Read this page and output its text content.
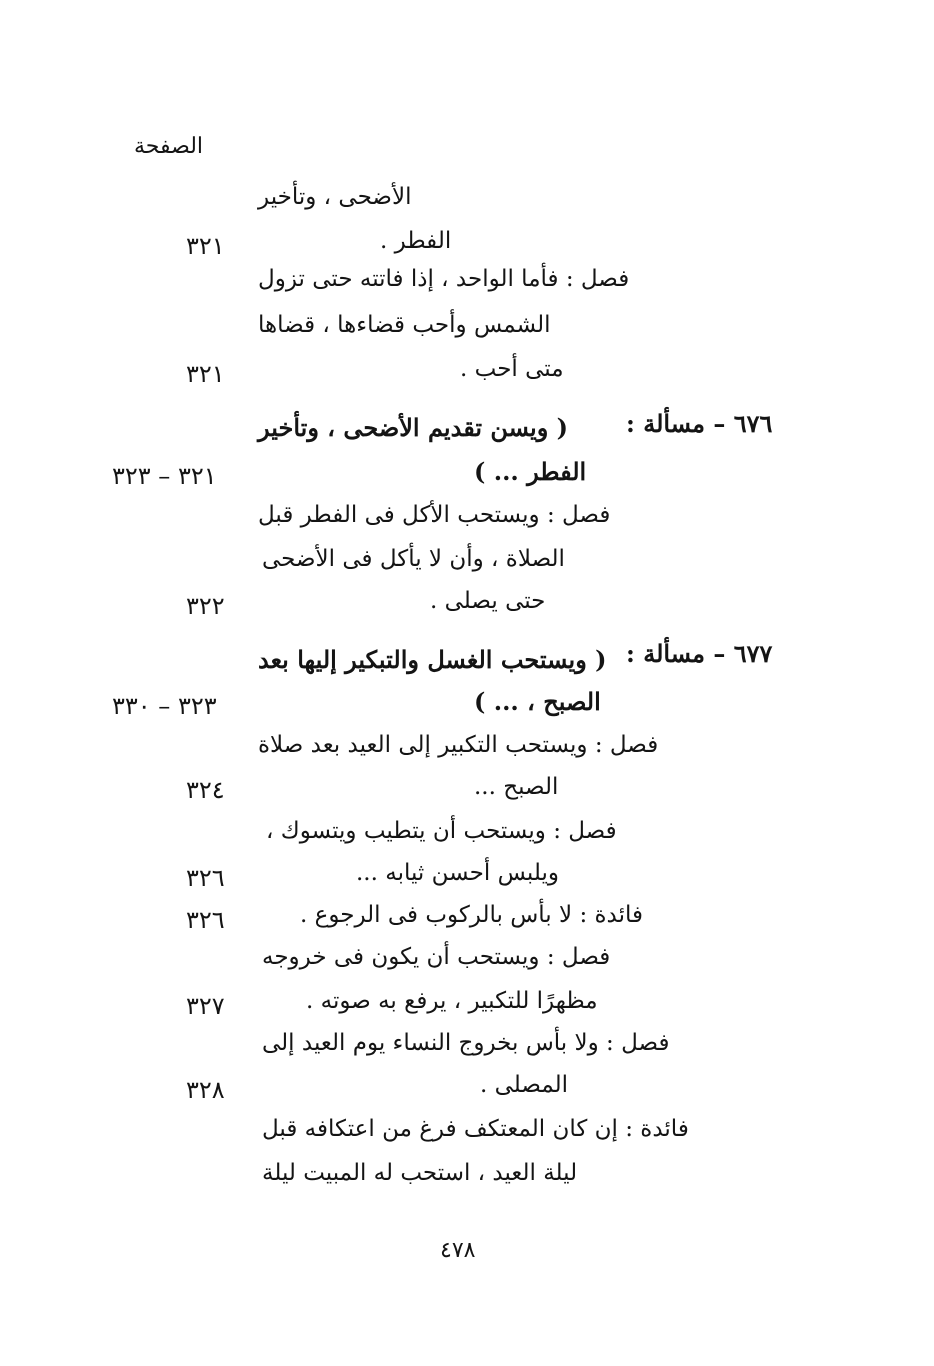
الصفحة
الأضحى ، وتأخير
الفطر .
٣٢١
فصل : فأما الواحد ، إذا فاتته حتى تزول
الشمس وأحب قضاءها ، قضاها
متى أحب .
٣٢١
٦٧٦ – مسألة :
( ويسن تقديم الأضحى ، وتأخير
الفطر ... )
٣٢١ – ٣٢٣
فصل : ويستحب الأكل فى الفطر قبل
الصلاة ، وأن لا يأكل فى الأضحى
حتى يصلى .
٣٢٢
٦٧٧ – مسألة :
( ويستحب الغسل والتبكير إليها بعد
الصبح ، ... )
٣٢٣ – ٣٣٠
فصل : ويستحب التكبير إلى العيد بعد صلاة
الصبح ...
٣٢٤
فصل : ويستحب أن يتطيب ويتسوك ،
ويلبس أحسن ثيابه ...
٣٢٦
فائدة : لا بأس بالركوب فى الرجوع .
٣٢٦
فصل : ويستحب أن يكون فى خروجه
مظهرًا للتكبير ، يرفع به صوته .
٣٢٧
فصل : ولا بأس بخروج النساء يوم العيد إلى
المصلى .
٣٢٨
فائدة : إن كان المعتكف فرغ من اعتكافه قبل
ليلة العيد ، استحب له المبيت ليلة
٤٧٨
